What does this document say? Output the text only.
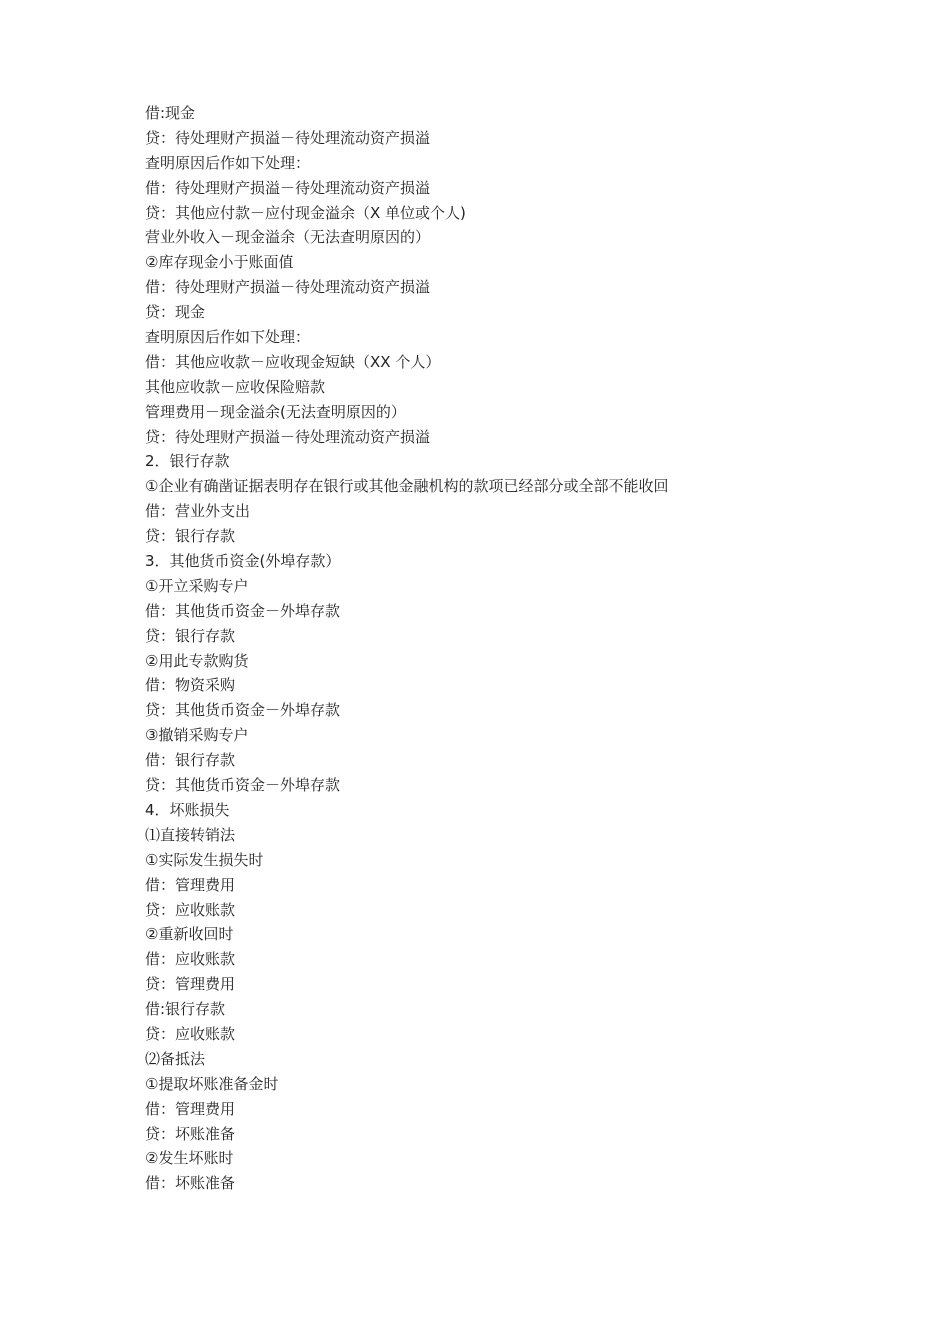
借:现金
贷：待处理财产损溢－待处理流动资产损溢
查明原因后作如下处理：
借：待处理财产损溢－待处理流动资产损溢
贷：其他应付款－应付现金溢余（X 单位或个人)
营业外收入－现金溢余（无法查明原因的）
②库存现金小于账面值
借：待处理财产损溢－待处理流动资产损溢
贷：现金
查明原因后作如下处理：
借：其他应收款－应收现金短缺（XX 个人）
其他应收款－应收保险赔款
管理费用－现金溢余(无法查明原因的）
贷：待处理财产损溢－待处理流动资产损溢
2．银行存款
①企业有确凿证据表明存在银行或其他金融机构的款项已经部分或全部不能收回
借：营业外支出
贷：银行存款
3．其他货币资金(外埠存款）
①开立采购专户
借：其他货币资金－外埠存款
贷：银行存款
②用此专款购货
借：物资采购
贷：其他货币资金－外埠存款
③撤销采购专户
借：银行存款
贷：其他货币资金－外埠存款
4．坏账损失
⑴直接转销法
①实际发生损失时
借：管理费用
贷：应收账款
②重新收回时
借：应收账款
贷：管理费用
借:银行存款
贷：应收账款
⑵备抵法
①提取坏账准备金时
借：管理费用
贷：坏账准备
②发生坏账时
借：坏账准备
